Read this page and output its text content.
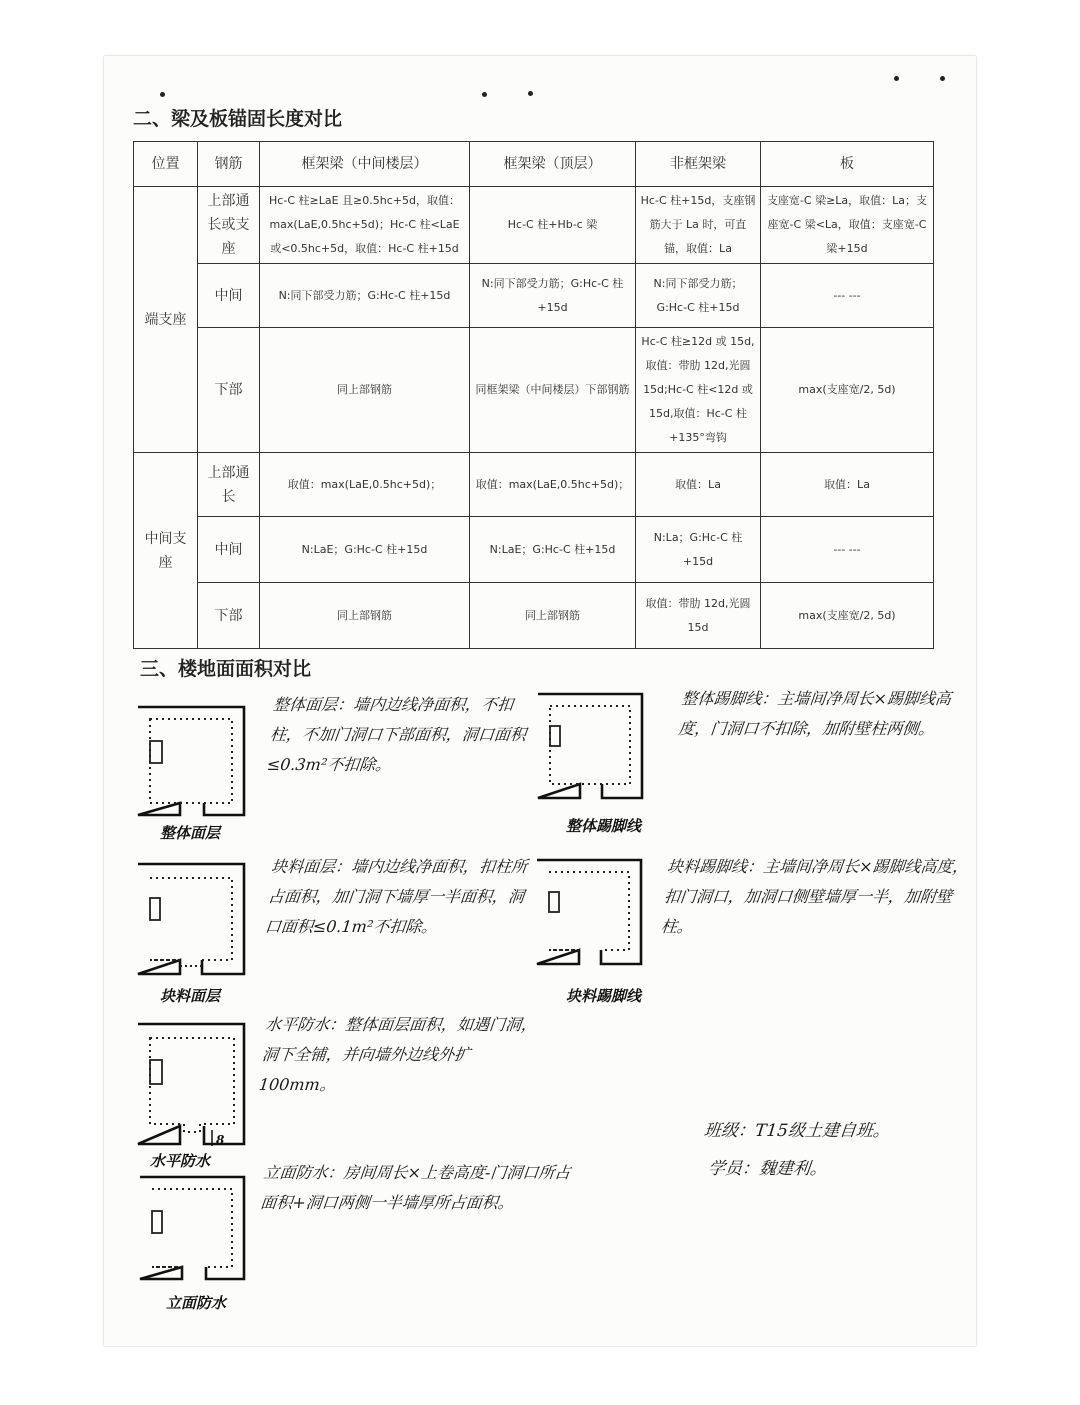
二、梁及板锚固长度对比
位置	钢筋	框架梁（中间楼层）	框架梁（顶层）	非框架梁	板
端支座	上部通长或支座	Hc-C 柱≥LaE 且≥0.5hc+5d，取值：max(LaE,0.5hc+5d)；Hc-C 柱<LaE 或<0.5hc+5d，取值：Hc-C 柱+15d	Hc-C 柱+Hb-c 梁	Hc-C 柱+15d，支座钢筋大于 La 时，可直锚，取值：La	支座宽-C 梁≥La，取值：La；支座宽-C 梁<La，取值：支座宽-C 梁+15d
	中间	N:同下部受力筋；G:Hc-C 柱+15d	N:同下部受力筋；G:Hc-C 柱+15d	N:同下部受力筋；G:Hc-C 柱+15d	--- ---
	下部	同上部钢筋	同框架梁（中间楼层）下部钢筋	Hc-C 柱≥12d 或 15d,取值：带肋 12d,光圆 15d;Hc-C 柱<12d 或 15d,取值：Hc-C 柱+135°弯钩	max(支座宽/2, 5d)
中间支座	上部通长	取值：max(LaE,0.5hc+5d)；	取值：max(LaE,0.5hc+5d)；	取值：La	取值：La
	中间	N:LaE；G:Hc-C 柱+15d	N:LaE；G:Hc-C 柱+15d	N:La；G:Hc-C 柱+15d	--- ---
	下部	同上部钢筋	同上部钢筋	取值：带肋 12d,光圆 15d	max(支座宽/2, 5d)
三、楼地面面积对比
整体面层

整体面层：墙内边线净面积，不扣柱，不加门洞口下部面积，洞口面积≤0.3m²不扣除。

整体踢脚线

整体踢脚线：主墙间净周长×踢脚线高度，门洞口不扣除，加附壁柱两侧。

块料面层

块料面层：墙内边线净面积，扣柱所占面积，加门洞下墙厚一半面积，洞口面积≤0.1m²不扣除。

块料踢脚线

块料踢脚线：主墙间净周长×踢脚线高度，扣门洞口，加洞口侧壁墙厚一半，加附壁柱。

8
水平防水

水平防水：整体面层面积，如遇门洞，洞下全铺，并向墙外边线外扩100mm。

立面防水

立面防水：房间周长×上卷高度-门洞口所占面积+洞口两侧一半墙厚所占面积。

班级：T15级土建自班。

学员：魏建利。
